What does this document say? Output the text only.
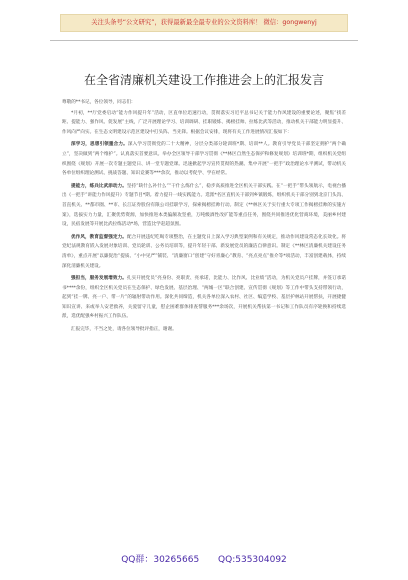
关注头条号“公文研究”，获得最新最全最专业的公文资料库！ 微信：gongwenyj
在全省清廉机关建设工作推进会上的汇报发言

尊敬的**书记，各位领导，同志们：

*月初，**厅党委启动“能力作风提升年”活动，区直单位迅速行动，贯彻落实习近平总书记关于能力作风建设的重要论述，聚焦“找差距、提能力、强作风、促发展”主线，广泛开展理论学习、培训调研、挂职锻炼、揭榜挂帅、拉练比武等活动，推动机关干部能力明显提升、作风向严向实。在生态文明建设示范区建设中打头阵、当先锋。根据会议安排，现将有关工作进展情况汇报如下：

深学习，思想引领重合力。深入学习贯彻党的二十大精神，分层分类部分轮训班*期、培训**人。教育引导党员干部坚定拥护“两个确立”，坚决做到“两个维护”。认真落实首要意识。举办全区领导干部学习贯彻《**林区自然生态保护和修复规划》培训班*期，组织机关党组织围绕《规划》开展一次专题主题党日、讲一堂专题党课。迅速掀起学习宣传贯彻的热潮。集中开展“一把手”政治理论水平测试，带动机关各单位组织理论测试、挑战答题、知识竞赛等***余次，推动以考促学、学在经常。

提能力，练兵比武添动力。坚持“缺什么补什么”“干什么练什么”，稳步高质推进全区机关干部实践。在“一把手”带头领航示，电视台播出《一把手”讲能力作风提升》专题节目*期。着力提升一线实践能力。选派*名区直机关干部到乡镇锻炼，组织机关干部分别到北京门头沟、首直机关、**都市圈、**市、长江证券股份有限公司挂职学习，探索揭榜挂帅行动。制定《**林区关于实行重大专项工作揭榜挂帅的实施方案》，选拔实力力量，汇聚优势资源，加快推进本类偏颇攻坚重，万吨级酒性改扩能等重点任务，围绕共同推进优化营商环境，美丽乡村建设，民宿发展等开展比武拉练活动*场，营造比学赶超氛围。

优作风，教育监督强定力。配合开展违纪吃喝专项整治，在主题党日上深入学习典型案例和有关规定，推动作风建设常态化长效化。将党纪法规教育嵌入发展对象培训、党员轮训、公务员培训等，提升年轻干部、新发展党员的廉洁自律意识。制定《**林区清廉机关建设任务清单》，重点开展“以廉促治”提质、“小中见严”铺装、“清廉窗口”创建“守好青廉心”教育、“亮点亮点”推介等*项活动，丰富创建载体，持续深化清廉机关建设。

强担当，服务发展增效力。扎实开展党员“亮身份、亮职责、亮承诺，比能力、比作风、比业绩”活动，为机关党员户挂牌，并签订承诺书****余份，组织全区机关党员在生态保护、绿色发展、基层治理、“两城一区”联合创建、宣传贯彻《规划》等工作中带头支持带领行动，起到“挂一牌、亮一户、带一片”的辐射带动作用。深化共同缔造，机关各单位深入农村、社区、编造学校、基层护林站开展帮扶，开展捷健知识宣讲、来或举人安老救养，关爱留守儿童，慰企困难群体排查帮服务***余场次，开展机关帮扶第一书记和工作队员有序轮换和持续选派，选优配强乡村振兴工作队伍。

汇报完毕，不当之处，请各位领导批评指正，谢谢。

QQ群：30265665 QQ:535304092
